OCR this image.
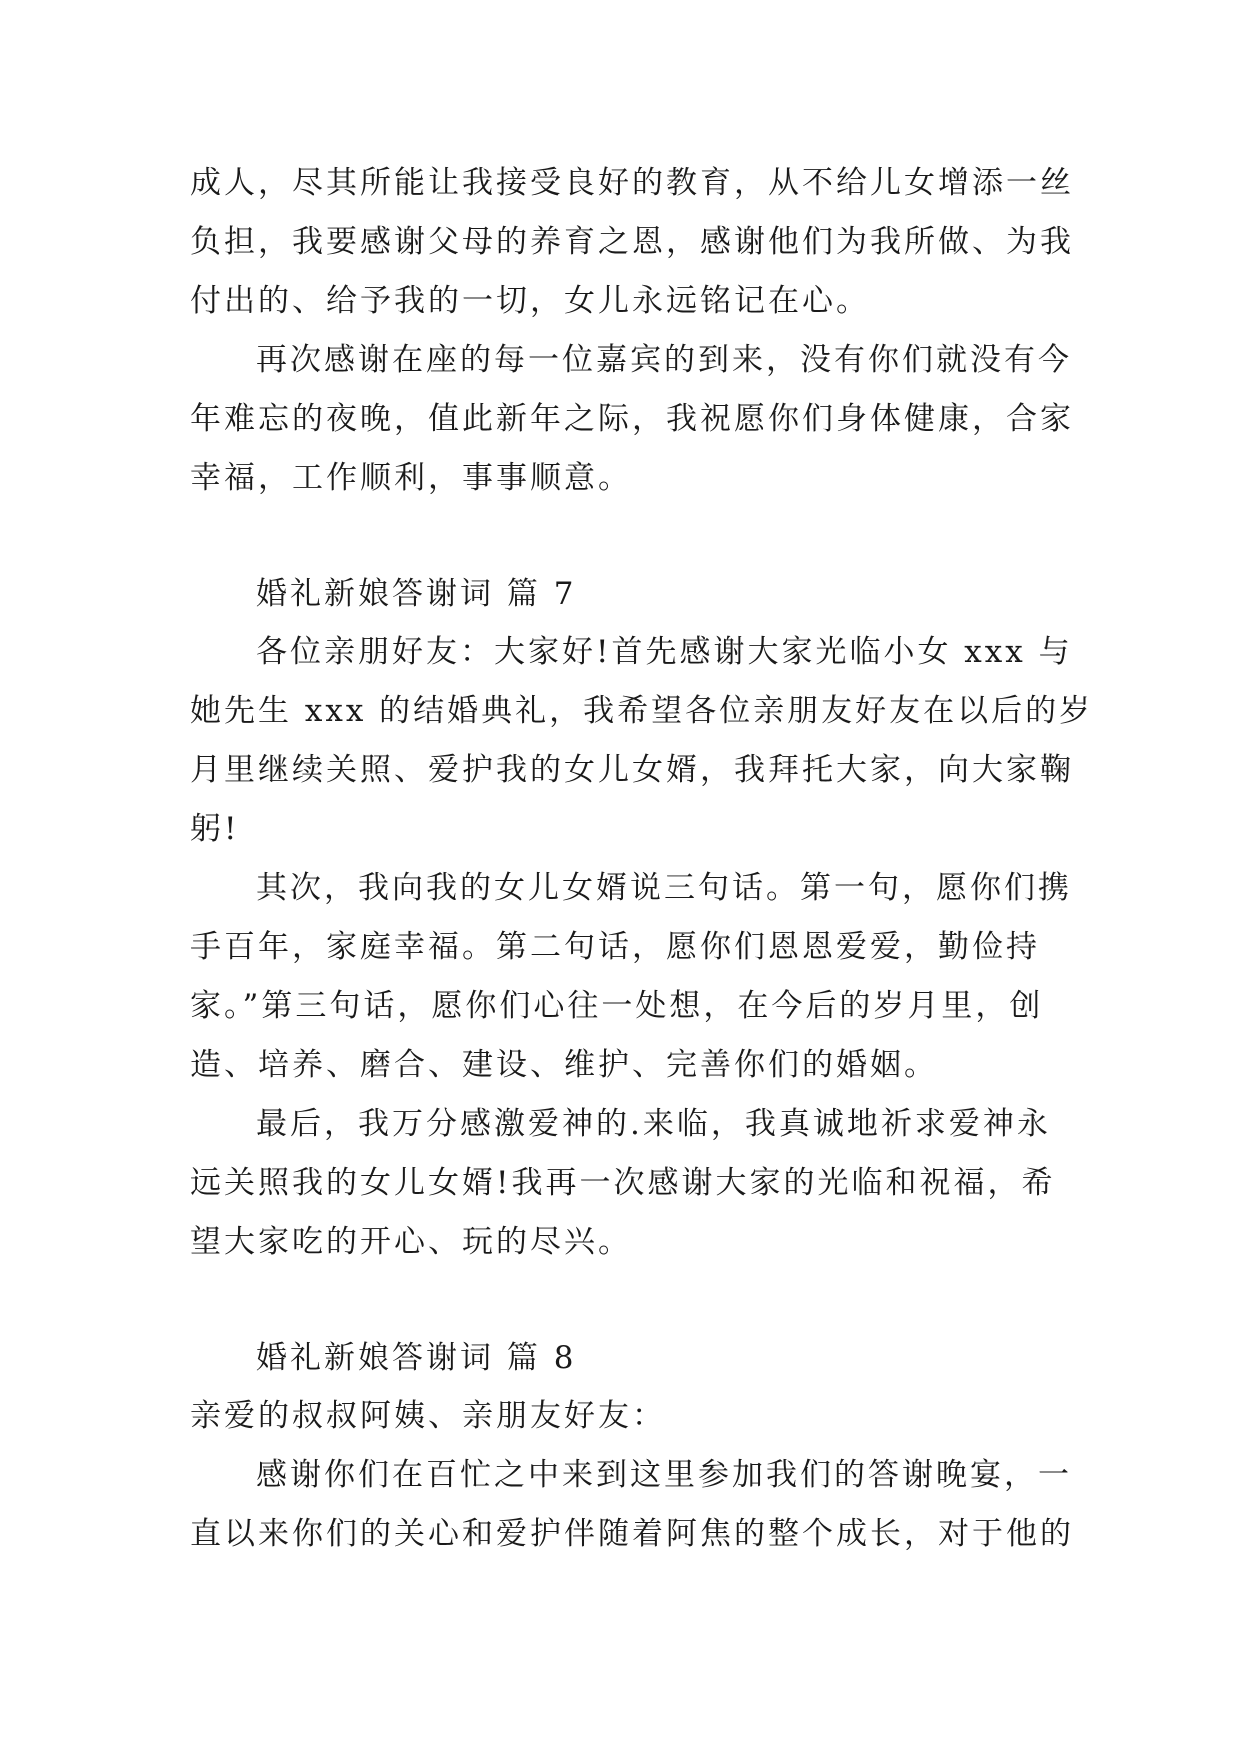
成人，尽其所能让我接受良好的教育，从不给儿女增添一丝
负担，我要感谢父母的养育之恩，感谢他们为我所做、为我
付出的、给予我的一切，女儿永远铭记在心。
再次感谢在座的每一位嘉宾的到来，没有你们就没有今
年难忘的夜晚，值此新年之际，我祝愿你们身体健康，合家
幸福，工作顺利，事事顺意。
婚礼新娘答谢词 篇 7
各位亲朋好友：大家好!首先感谢大家光临小女 xxx 与
她先生 xxx 的结婚典礼，我希望各位亲朋友好友在以后的岁
月里继续关照、爱护我的女儿女婿，我拜托大家，向大家鞠
躬!
其次，我向我的女儿女婿说三句话。第一句，愿你们携
手百年，家庭幸福。第二句话，愿你们恩恩爱爱，勤俭持
家。”第三句话，愿你们心往一处想，在今后的岁月里，创
造、培养、磨合、建设、维护、完善你们的婚姻。
最后，我万分感激爱神的.来临，我真诚地祈求爱神永
远关照我的女儿女婿!我再一次感谢大家的光临和祝福，希
望大家吃的开心、玩的尽兴。
婚礼新娘答谢词 篇 8
亲爱的叔叔阿姨、亲朋友好友：
感谢你们在百忙之中来到这里参加我们的答谢晚宴，一
直以来你们的关心和爱护伴随着阿焦的整个成长，对于他的
